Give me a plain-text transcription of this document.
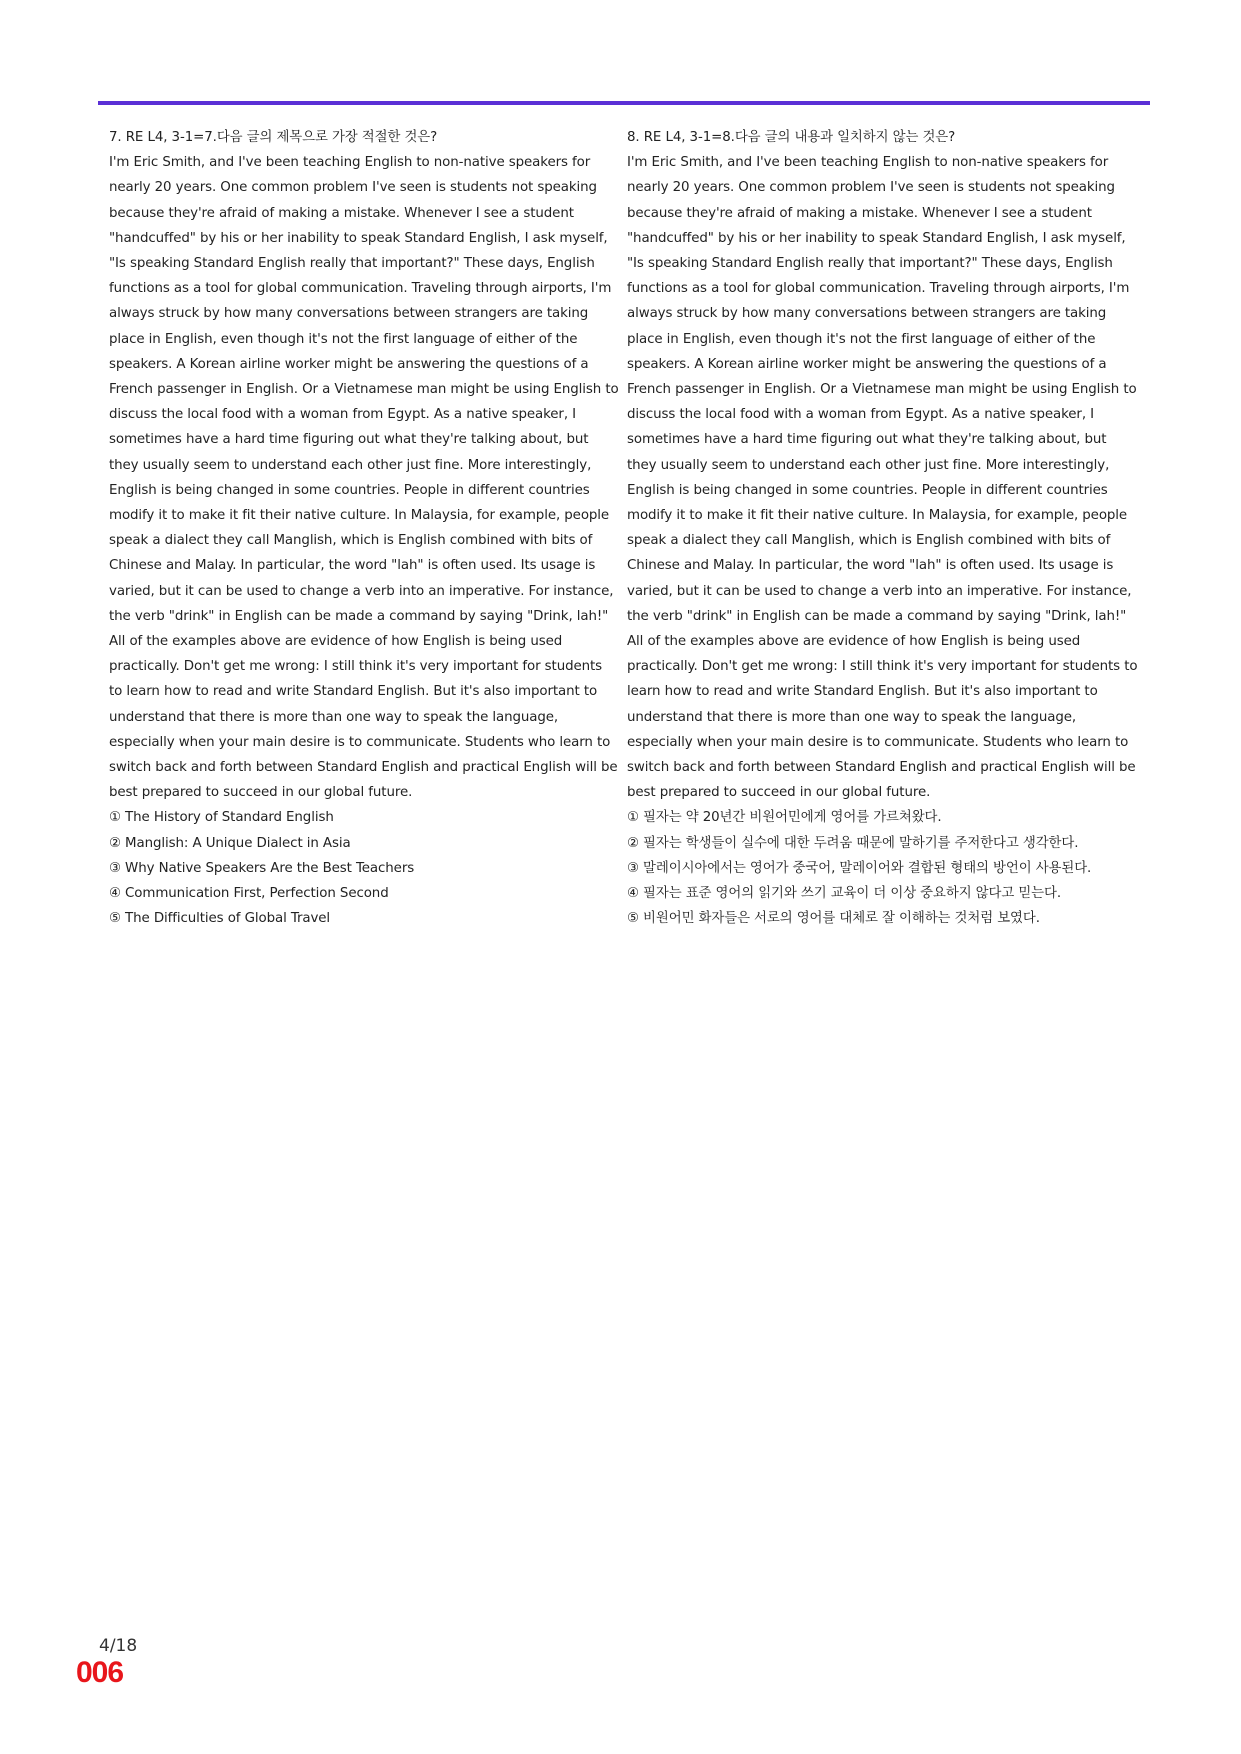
7. RE L4, 3-1=7.다음 글의 제목으로 가장 적절한 것은?

I'm Eric Smith, and I've been teaching English to non-native speakers for nearly 20 years. One common problem I've seen is students not speaking because they're afraid of making a mistake. Whenever I see a student "handcuffed" by his or her inability to speak Standard English, I ask myself, "Is speaking Standard English really that important?" These days, English functions as a tool for global communication. Traveling through airports, I'm always struck by how many conversations between strangers are taking place in English, even though it's not the first language of either of the speakers. A Korean airline worker might be answering the questions of a French passenger in English. Or a Vietnamese man might be using English to discuss the local food with a woman from Egypt. As a native speaker, I sometimes have a hard time figuring out what they're talking about, but they usually seem to understand each other just fine. More interestingly, English is being changed in some countries. People in different countries modify it to make it fit their native culture. In Malaysia, for example, people speak a dialect they call Manglish, which is English combined with bits of Chinese and Malay. In particular, the word "lah" is often used. Its usage is varied, but it can be used to change a verb into an imperative. For instance, the verb "drink" in English can be made a command by saying "Drink, lah!" All of the examples above are evidence of how English is being used practically. Don't get me wrong: I still think it's very important for students to learn how to read and write Standard English. But it's also important to understand that there is more than one way to speak the language, especially when your main desire is to communicate. Students who learn to switch back and forth between Standard English and practical English will be best prepared to succeed in our global future.

① The History of Standard English
② Manglish: A Unique Dialect in Asia
③ Why Native Speakers Are the Best Teachers
④ Communication First, Perfection Second
⑤ The Difficulties of Global Travel

8. RE L4, 3-1=8.다음 글의 내용과 일치하지 않는 것은?

I'm Eric Smith, and I've been teaching English to non-native speakers for nearly 20 years. One common problem I've seen is students not speaking because they're afraid of making a mistake. Whenever I see a student "handcuffed" by his or her inability to speak Standard English, I ask myself, "Is speaking Standard English really that important?" These days, English functions as a tool for global communication. Traveling through airports, I'm always struck by how many conversations between strangers are taking place in English, even though it's not the first language of either of the speakers. A Korean airline worker might be answering the questions of a French passenger in English. Or a Vietnamese man might be using English to discuss the local food with a woman from Egypt. As a native speaker, I sometimes have a hard time figuring out what they're talking about, but they usually seem to understand each other just fine. More interestingly, English is being changed in some countries. People in different countries modify it to make it fit their native culture. In Malaysia, for example, people speak a dialect they call Manglish, which is English combined with bits of Chinese and Malay. In particular, the word "lah" is often used. Its usage is varied, but it can be used to change a verb into an imperative. For instance, the verb "drink" in English can be made a command by saying "Drink, lah!" All of the examples above are evidence of how English is being used practically. Don't get me wrong: I still think it's very important for students to learn how to read and write Standard English. But it's also important to understand that there is more than one way to speak the language, especially when your main desire is to communicate. Students who learn to switch back and forth between Standard English and practical English will be best prepared to succeed in our global future.

① 필자는 약 20년간 비원어민에게 영어를 가르쳐왔다.
② 필자는 학생들이 실수에 대한 두려움 때문에 말하기를 주저한다고 생각한다.
③ 말레이시아에서는 영어가 중국어, 말레이어와 결합된 형태의 방언이 사용된다.
④ 필자는 표준 영어의 읽기와 쓰기 교육이 더 이상 중요하지 않다고 믿는다.
⑤ 비원어민 화자들은 서로의 영어를 대체로 잘 이해하는 것처럼 보였다.
4/18
006
